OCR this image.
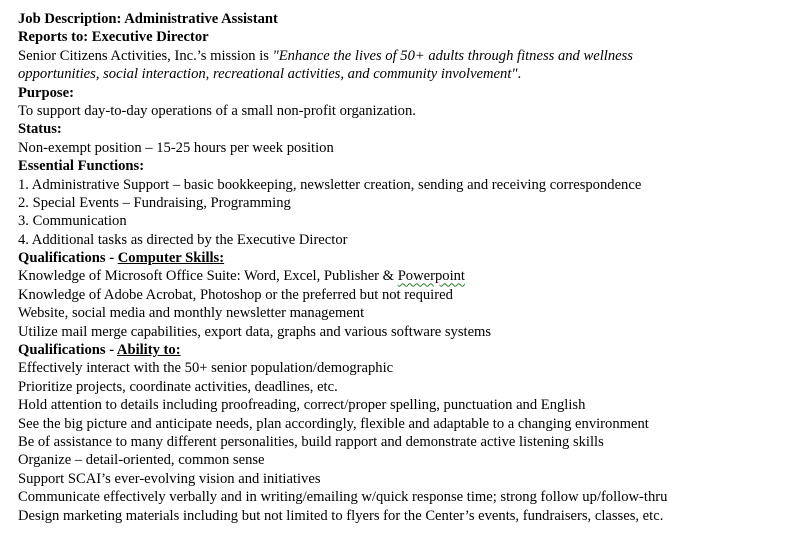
Job Description: Administrative Assistant
Reports to: Executive Director
Senior Citizens Activities, Inc.’s mission is "Enhance the lives of 50+ adults through fitness and wellness
opportunities, social interaction, recreational activities, and community involvement".
Purpose:
To support day-to-day operations of a small non-profit organization.
Status:
Non-exempt position – 15-25 hours per week position
Essential Functions:
1. Administrative Support – basic bookkeeping, newsletter creation, sending and receiving correspondence
2. Special Events – Fundraising, Programming
3. Communication
4. Additional tasks as directed by the Executive Director
Qualifications - Computer Skills:
Knowledge of Microsoft Office Suite: Word, Excel, Publisher & Powerpoint
Knowledge of Adobe Acrobat, Photoshop or the preferred but not required
Website, social media and monthly newsletter management
Utilize mail merge capabilities, export data, graphs and various software systems
Qualifications - Ability to:
Effectively interact with the 50+ senior population/demographic
Prioritize projects, coordinate activities, deadlines, etc.
Hold attention to details including proofreading, correct/proper spelling, punctuation and English
See the big picture and anticipate needs, plan accordingly, flexible and adaptable to a changing environment
Be of assistance to many different personalities, build rapport and demonstrate active listening skills
Organize – detail-oriented, common sense
Support SCAI’s ever-evolving vision and initiatives
Communicate effectively verbally and in writing/emailing w/quick response time; strong follow up/follow-thru
Design marketing materials including but not limited to flyers for the Center’s events, fundraisers, classes, etc.
